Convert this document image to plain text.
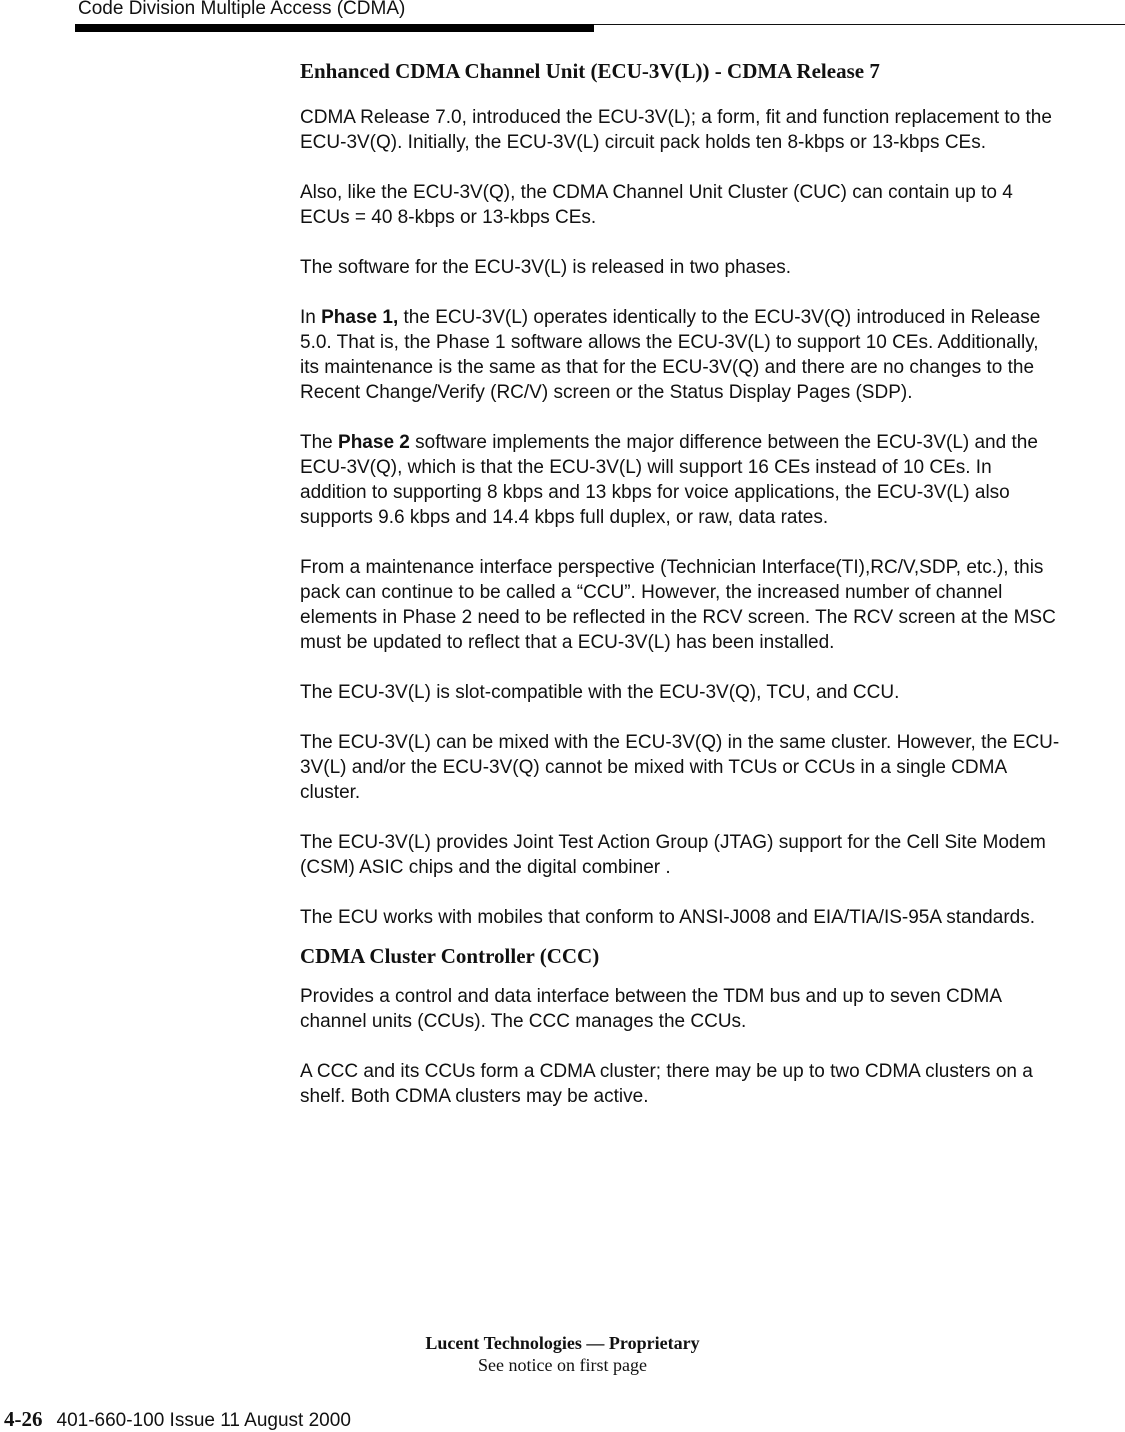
Code Division Multiple Access (CDMA)
Enhanced CDMA Channel Unit (ECU-3V(L)) - CDMA Release 7

CDMA Release 7.0, introduced the ECU-3V(L); a form, fit and function replacement to the ECU-3V(Q). Initially, the ECU-3V(L) circuit pack holds ten 8-kbps or 13-kbps CEs.

Also, like the ECU-3V(Q), the CDMA Channel Unit Cluster (CUC) can contain up to 4 ECUs = 40 8-kbps or 13-kbps CEs.

The software for the ECU-3V(L) is released in two phases.

In Phase 1, the ECU-3V(L) operates identically to the ECU-3V(Q) introduced in Release 5.0. That is, the Phase 1 software allows the ECU-3V(L) to support 10 CEs. Additionally, its maintenance is the same as that for the ECU-3V(Q) and there are no changes to the Recent Change/Verify (RC/V) screen or the Status Display Pages (SDP).

The Phase 2 software implements the major difference between the ECU-3V(L) and the ECU-3V(Q), which is that the ECU-3V(L) will support 16 CEs instead of 10 CEs. In addition to supporting 8 kbps and 13 kbps for voice applications, the ECU-3V(L) also supports 9.6 kbps and 14.4 kbps full duplex, or raw, data rates.

From a maintenance interface perspective (Technician Interface(TI),RC/V,SDP, etc.), this pack can continue to be called a “CCU”. However, the increased number of channel elements in Phase 2 need to be reflected in the RCV screen. The RCV screen at the MSC must be updated to reflect that a ECU-3V(L) has been installed.

The ECU-3V(L) is slot-compatible with the ECU-3V(Q), TCU, and CCU.

The ECU-3V(L) can be mixed with the ECU-3V(Q) in the same cluster. However, the ECU-3V(L) and/or the ECU-3V(Q) cannot be mixed with TCUs or CCUs in a single CDMA cluster.

The ECU-3V(L) provides Joint Test Action Group (JTAG) support for the Cell Site Modem (CSM) ASIC chips and the digital combiner .

The ECU works with mobiles that conform to ANSI-J008 and EIA/TIA/IS-95A standards.

CDMA Cluster Controller (CCC)

Provides a control and data interface between the TDM bus and up to seven CDMA channel units (CCUs). The CCC manages the CCUs.

A CCC and its CCUs form a CDMA cluster; there may be up to two CDMA clusters on a shelf. Both CDMA clusters may be active.

Lucent Technologies — Proprietary
See notice on first page
4-26 401-660-100 Issue 11 August 2000
